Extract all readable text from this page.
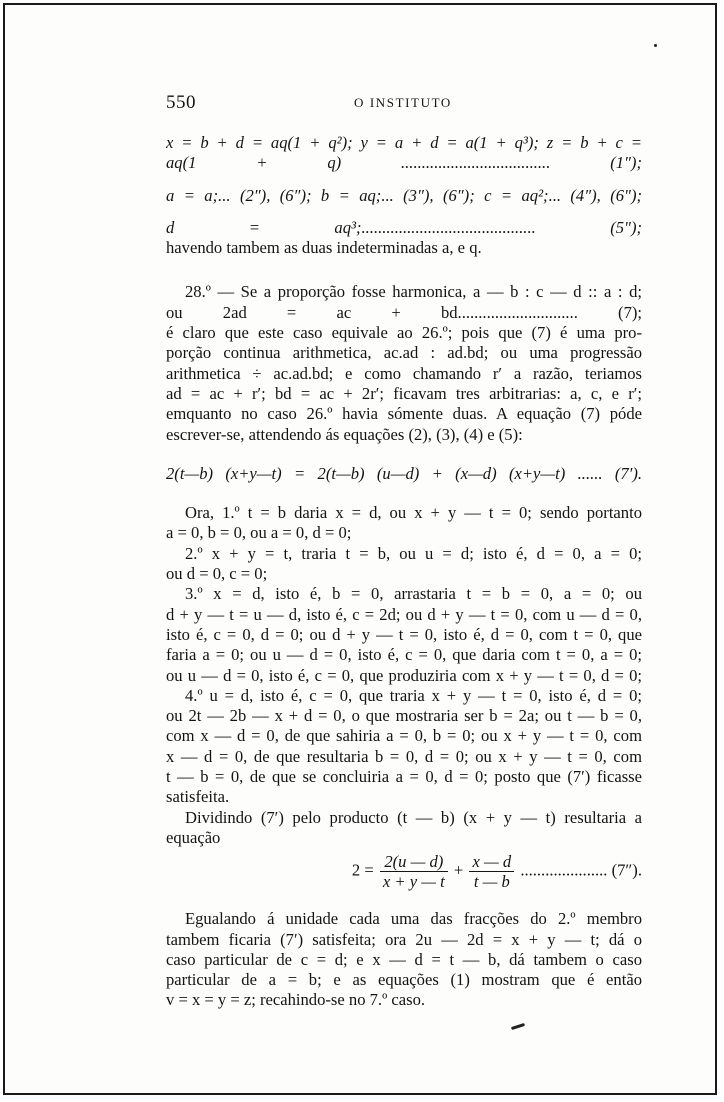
550	O INSTITUTO

x = b + d = aq(1 + q²); y = a + d = a(1 + q³); z = b + c =
aq(1 + q) .................................... (1″);

a = a;... (2″), (6″); b = aq;... (3″), (6″); c = aq²;... (4″), (6″);

d = aq³;.......................................... (5″);
havendo tambem as duas indeterminadas a, e q.

28.º — Se a proporção fosse harmonica, a — b : c — d :: a : d;
ou 2ad = ac + bd............................. (7);
é claro que este caso equivale ao 26.º; pois que (7) é uma pro-
porção continua arithmetica, ac.ad : ad.bd; ou uma progressão
arithmetica ÷ ac.ad.bd; e como chamando r′ a razão, teriamos
ad = ac + r′; bd = ac + 2r′; ficavam tres arbitrarias: a, c, e r′;
emquanto no caso 26.º havia sómente duas. A equação (7) póde
escrever-se, attendendo ás equações (2), (3), (4) e (5):

2(t—b) (x+y—t) = 2(t—b) (u—d) + (x—d) (x+y—t) ...... (7′).

Ora, 1.º t = b daria x = d, ou x + y — t = 0; sendo portanto
a = 0, b = 0, ou a = 0, d = 0;
2.º x + y = t, traria t = b, ou u = d; isto é, d = 0, a = 0;
ou d = 0, c = 0;
3.º x = d, isto é, b = 0, arrastaria t = b = 0, a = 0; ou
d + y — t = u — d, isto é, c = 2d; ou d + y — t = 0, com u — d = 0,
isto é, c = 0, d = 0; ou d + y — t = 0, isto é, d = 0, com t = 0, que
faria a = 0; ou u — d = 0, isto é, c = 0, que daria com t = 0, a = 0;
ou u — d = 0, isto é, c = 0, que produziria com x + y — t = 0, d = 0;
4.º u = d, isto é, c = 0, que traria x + y — t = 0, isto é, d = 0;
ou 2t — 2b — x + d = 0, o que mostraria ser b = 2a; ou t — b = 0,
com x — d = 0, de que sahiria a = 0, b = 0; ou x + y — t = 0, com
x — d = 0, de que resultaria b = 0, d = 0; ou x + y — t = 0, com
t — b = 0, de que se concluiria a = 0, d = 0; posto que (7′) ficasse
satisfeita.

Dividindo (7′) pelo producto (t — b) (x + y — t) resultaria a
equação

$2 = \frac{2(u — d)}{x + y — t} + \frac{x — d}{t — b}$ ..................... (7″).

Egualando á unidade cada uma das fracções do 2.º membro
tambem ficaria (7′) satisfeita; ora 2u — 2d = x + y — t; dá o
caso particular de c = d; e x — d = t — b, dá tambem o caso
particular de a = b; e as equações (1) mostram que é então
v = x = y = z; recahindo-se no 7.º caso.
